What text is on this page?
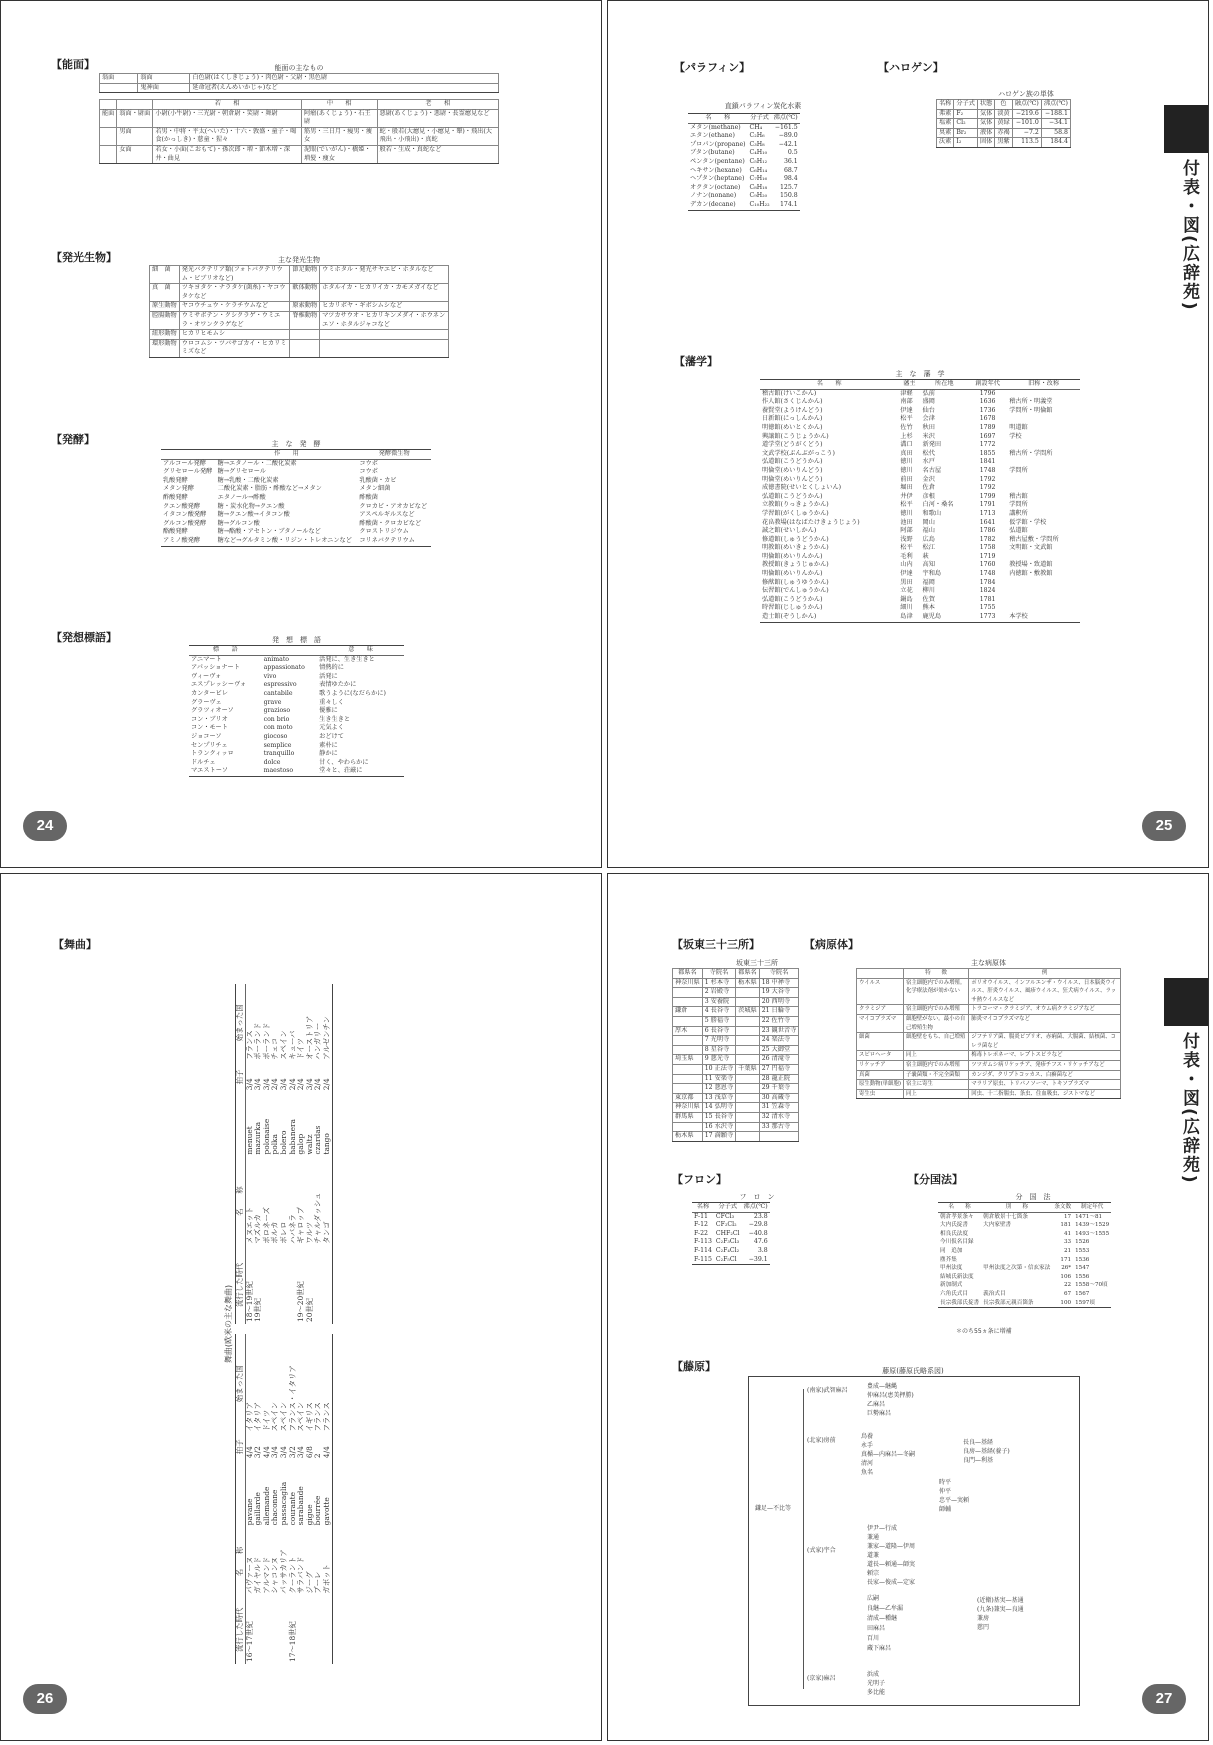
【能面】	能面の主なもの
翁面	翁面	白色尉(はくしきじょう)・肉色尉・父尉・黒色尉
	鬼神面	延命冠者(えんめいかじゃ)など
		若　　相	中　　相	老　　相
能面	翁面・尉面	小尉(小牛尉)・三光尉・朝倉尉・笑尉・舞尉	阿瘤(あくじょう)・石王尉	悪尉(あくじょう)・悪尉・長霊癋見など
	男面	若男・中将・平太(へいた)・十六・敦盛・童子・喝食(かっしき)・慈童・猩々	筋男・三日月・瘦男・痩女	蛇・般若(大癋見・小癋見・顰)・飛出(大飛出・小飛出)・真蛇
	女面	若女・小面(こおもて)・孫次郎・増・節木増・深井・曲見	泥眼(でいがん)・橋姫・増髪・痩女	般若・生成・真蛇など
【発光生物】	主な発光生物
細　菌	発光バクテリア類(フォトバクテリウム・ビブリオなど)	節足動物	ウミホタル・発光サヤエビ・ホタルなど
真　菌	ツキヨタケ・ナラタケ(菌糸)・ヤコウタケなど	軟体動物	ホタルイカ・ヒカリイカ・カモメガイなど
原生動物	ヤコウチュウ・ケラチウムなど	原索動物	ヒカリボヤ・ギボシムシなど
腔腸動物	ウミサボテン・クシクラゲ・ウミエラ・オワンクラゲなど	脊椎動物	マツカサウオ・ヒカリキンメダイ・ホウネンエソ・ホタルジャコなど
紐形動物	ヒカリヒモムシ		
環形動物	ウロコムシ・ツバサゴカイ・ヒカリミミズなど		
【発酵】	主　な　発　酵
	作　　用	発酵微生物
アルコール発酵	糖→エタノール・二酸化炭素	コウボ
グリセロール発酵	糖→グリセロール	コウボ
乳酸発酵	糖→乳酸・二酸化炭素	乳酸菌・カビ
メタン発酵	二酸化炭素・脂肪・酢酸など→メタン	メタン細菌
酢酸発酵	エタノール→酢酸	酢酸菌
クエン酸発酵	糖・炭水化物→クエン酸	クロカビ・アオカビなど
イタコン酸発酵	糖→クエン酸→イタコン酸	アスペルギルスなど
グルコン酸発酵	糖→グルコン酸	酢酸菌・クロカビなど
酪酸発酵	糖→酪酸・アセトン・ブタノールなど	クロストリジウム
アミノ酸発酵	糖など→グルタミン酸・リジン・トレオニンなど	コリネバクテリウム
【発想標語】	発　想　標　語
標　　語		意　　味
アニマート	animato	活発に、生き生きと
アパッショナート	appassionato	情熱的に
ヴィーヴォ	vivo	活発に
エスプレッシーヴォ	espressivo	表情ゆたかに
カンタービレ	cantabile	歌うように(なだらかに)
グラーヴェ	grave	重々しく
グラツィオーソ	grazioso	優雅に
コン・ブリオ	con brio	生き生きと
コン・モート	con moto	元気よく
ジョコーソ	giocoso	おどけて
センプリチェ	semplice	素朴に
トランクィッロ	tranquillo	静かに
ドルチェ	dolce	甘く、やわらかに
マエストーソ	maestoso	堂々と、荘厳に
24
【パラフィン】
直鎖パラフィン炭化水素
名　　称	分子式	沸点(℃)
メタン(methane)	CH₄	−161.5
エタン(ethane)	C₂H₆	−89.0
プロパン(propane)	C₃H₈	−42.1
ブタン(butane)	C₄H₁₀	0.5
ペンタン(pentane)	C₅H₁₂	36.1
ヘキサン(hexane)	C₆H₁₄	68.7
ヘプタン(heptane)	C₇H₁₆	98.4
オクタン(octane)	C₈H₁₈	125.7
ノナン(nonane)	C₉H₂₀	150.8
デカン(decane)	C₁₀H₂₂	174.1
【ハロゲン】
ハロゲン族の単体
名称	分子式	状態	色	融点(℃)	沸点(℃)
弗素	F₂	気体	淡黄	−219.6	−188.1
塩素	Cl₂	気体	黄緑	−101.0	−34.1
臭素	Br₂	液体	赤褐	−7.2	58.8
沃素	I₂	固体	黒紫	113.5	184.4
【藩学】
主　な　藩　学
名　　称	藩主	所在地	創設年代	旧称・改称
稽古館(けいこかん)	津軽	弘前	1796	
作人館(さくじんかん)	南部	盛岡	1636	稽古所・明義堂
養賢堂(ようけんどう)	伊達	仙台	1736	学問所・明倫館
日新館(にっしんかん)	松平	会津	1678	
明徳館(めいとくかん)	佐竹	秋田	1789	明道館
興譲館(こうじょうかん)	上杉	米沢	1697	学校
道学堂(どうがくどう)	溝口	新発田	1772	
文武学校(ぶんぶがっこう)	真田	松代	1855	稽古所・学問所
弘道館(こうどうかん)	徳川	水戸	1841	
明倫堂(めいりんどう)	徳川	名古屋	1748	学問所
明倫堂(めいりんどう)	前田	金沢	1792	
成徳書院(せいとくしょいん)	堀田	佐倉	1792	
弘道館(こうどうかん)	井伊	彦根	1799	稽古館
立教館(りっきょうかん)	松平	白河・桑名	1791	学問所
学習館(がくしゅうかん)	徳川	和歌山	1713	講釈所
花畠教場(はなばたけきょうじょう)	池田	岡山	1641	仮学館・学校
誠之館(せいしかん)	阿部	福山	1786	弘道館
修道館(しゅうどうかん)	浅野	広島	1782	稽古屋敷・学問所
明教館(めいきょうかん)	松平	松江	1758	文明館・文武館
明倫館(めいりんかん)	毛利	萩	1719	
教授館(きょうじゅかん)	山内	高知	1760	教授場・致道館
明倫館(めいりんかん)	伊達	宇和島	1748	内徳館・敷教館
修猷館(しゅうゆうかん)	黒田	福岡	1784	
伝習館(でんしゅうかん)	立花	柳川	1824	
弘道館(こうどうかん)	鍋島	佐賀	1781	
時習館(じしゅうかん)	細川	熊本	1755	
造士館(ぞうしかん)	島津	鹿児島	1773	本学校
付表・図(広辞苑)
25
【舞曲】
舞曲(欧米の主な舞曲)
流行した時代	名　　称		拍子	始まった国
16〜17世紀	パヴァーヌ	pavane	4/4	イタリア
	ガイヤルド	gaillarde	3/2	イタリア
	アルマンド	allemande	4/4	ドイツ
	シャコンヌ	chaconne	3/4	スペイン
	パッサカリア	passacaglia	3/4	スペイン
17〜18世紀	クーラント	courante	3/2	フランス・イタリア
	サラバンド	sarabande	3/4	スペイン
	ジーグ	gigue	6/8	イギリス
	ブーレ	bourrée	2	フランス
	ガボット	gavotte	4/4	フランス
流行した時代	名　　称		拍子	始まった国
18〜19世紀	メヌエット	menuet	3/4	フランス
19世紀	マズルカ	mazurka	3/4	ポーランド
	ポロネーズ	polonaise	3/4	ポーランド
	ポルカ	polka	2/4	チェコ
	ボレロ	bolero	3/4	スペイン
	ハバネラ	habanera	2/4	キューバ
19〜20世紀	ギャロップ	galop	2/4	ドイツ
20世紀	ワルツ	waltz	3/4	オーストリア
	チャルダッシュ	czardas	2/4	ハンガリー
	タンゴ	tango	2/4	アルゼンチン
26
【坂東三十三所】
坂東三十三所
都県名	寺院名	都県名	寺院名
神奈川県	1 杉本寺	栃木県	18 中禅寺
	2 岩殿寺		19 大谷寺
	3 安養院		20 西明寺
鎌倉	4 長谷寺	茨城県	21 日輪寺
	5 勝福寺		22 佐竹寺
厚木	6 長谷寺		23 観世音寺
	7 光明寺		24 楽法寺
	8 星谷寺		25 大御堂
埼玉県	9 慈光寺		26 清滝寺
	10 正法寺	千葉県	27 円福寺
	11 安楽寺		28 龍正院
	12 慈恩寺		29 千葉寺
東京都	13 浅草寺		30 高蔵寺
神奈川県	14 弘明寺		31 笠森寺
群馬県	15 長谷寺		32 清水寺
	16 水沢寺		33 那古寺
栃木県	17 満願寺		
【病原体】
主な病原体
	特　　徴	例
ウイルス	宿主細胞内でのみ増殖。化学療法剤が効かない	ポリオウイルス、インフルエンザ・ウイルス、日本脳炎ウイルス、肝炎ウイルス、風疹ウイルス、狂犬病ウイルス、ラッサ熱ウイルスなど
クラミジア	宿主細胞内でのみ増殖	トラコーマ・クラミジア、オウム病クラミジアなど
マイコプラズマ	細胞壁がない。最小の自己増殖生物	肺炎マイコプラズマなど
細菌	細胞壁をもち、自己増殖	ジフテリア菌、腸炎ビブリオ、赤痢菌、大腸菌、結核菌、コレラ菌など
スピロヘータ	同上	梅毒トレポネーマ、レプトスピラなど
リケッチア	宿主細胞内でのみ増殖	ツツガムシ病リケッチア、発疹チフス・リケッチアなど
真菌	子嚢菌類・不完全菌類	カンジダ、クリプトコッカス、白癬菌など
原生動物(単細胞)	宿主に寄生	マラリア原虫、トリパノソーマ、トキソプラズマ
寄生虫	同上	回虫、十二指腸虫、条虫、住血吸虫、ジストマなど
【フロン】
フ　ロ　ン
名称	分子式	沸点(℃)
F-11	CFCl₃	23.8
F-12	CF₂Cl₂	−29.8
F-22	CHF₂Cl	−40.8
F-113	C₂F₃Cl₃	47.6
F-114	C₂F₄Cl₂	3.8
F-115	C₂F₅Cl	−39.1
【分国法】
分　国　法
名　　称	別　　称	条文数	制定年代
朝倉孝景条々	朝倉敏景十七箇条	17	1471〜81
大内氏掟書	大内家壁書	181	1439〜1529
相良氏法度		41	1493〜1555
今川仮名目録		33	1526
同　追加		21	1553
塵芥集		171	1536
甲州法度	甲州法度之次第・信玄家法	26*	1547
結城氏新法度		106	1556
新加制式		22	1558〜70頃
六角氏式目	義治式目	67	1567
長宗我部氏掟書	長宗我部元親百箇条	100	1597頃
＊のち55ヵ条に増補
【藤原】	藤原(藤原氏略系図)
鎌足—不比等
(南家)武智麻呂
(北家)房前
(式家)宇合
(京家)麻呂
豊成—継縄
仲麻呂(恵美押勝)
乙麻呂
巨勢麻呂
鳥養
永手
真楯—内麻呂—冬嗣
清河
魚名
長良—基経
良房—基経(養子)
良門—利基
時平
仲平
忠平—実頼
師輔
伊尹—行成
兼通
兼家—道隆—伊周
道兼
道長—頼通—師実
頼宗
長家—俊成—定家
広嗣
良継—乙牟漏
清成—種継
田麻呂
百川
蔵下麻呂
(近衛)基実—基通
(九条)兼実—良通
兼房
慈円
浜成
光明子
多比能
付表・図(広辞苑)
27
